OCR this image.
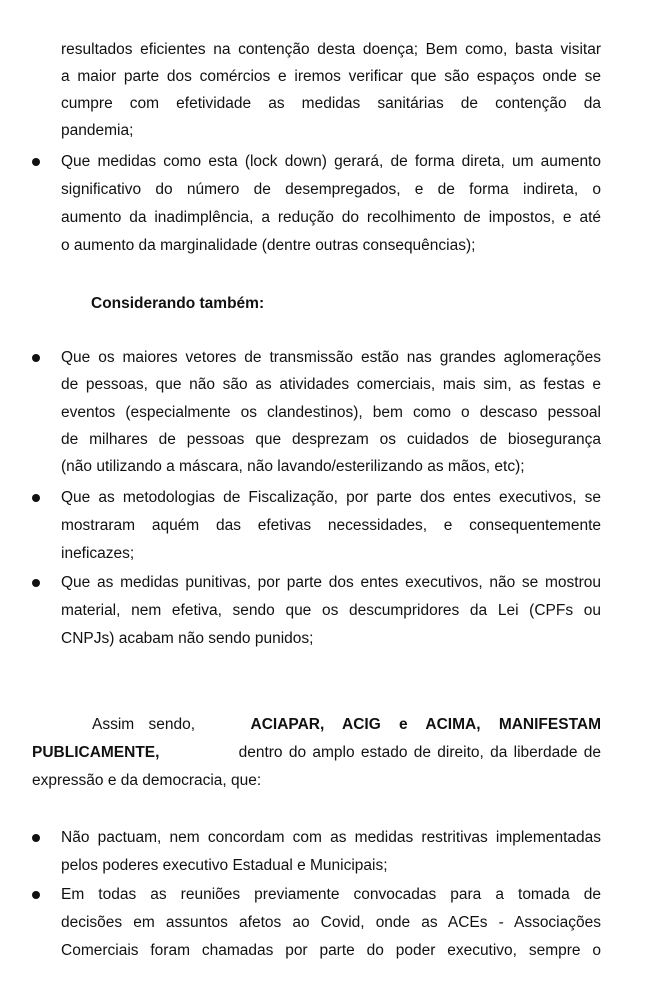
resultados eficientes na contenção desta doença; Bem como, basta visitar
a maior parte dos comércios e iremos verificar que são espaços onde se
cumpre com efetividade as medidas sanitárias de contenção da
pandemia;
Que medidas como esta (lock down) gerará, de forma direta, um aumento
significativo do número de desempregados, e de forma indireta, o
aumento da inadimplência, a redução do recolhimento de impostos, e até
o aumento da marginalidade (dentre outras consequências);
Considerando também:
Que os maiores vetores de transmissão estão nas grandes aglomerações
de pessoas, que não são as atividades comerciais, mais sim, as festas e
eventos (especialmente os clandestinos), bem como o descaso pessoal
de milhares de pessoas que desprezam os cuidados de biosegurança
(não utilizando a máscara, não lavando/esterilizando as mãos, etc);
Que as metodologias de Fiscalização, por parte dos entes executivos, se
mostraram aquém das efetivas necessidades, e consequentemente
ineficazes;
Que as medidas punitivas, por parte dos entes executivos, não se mostrou
material, nem efetiva, sendo que os descumpridores da Lei (CPFs ou
CNPJs) acabam não sendo punidos;
Assim sendo,	ACIAPAR, ACIG e ACIMA, MANIFESTAM
PUBLICAMENTE,	dentro do amplo estado de direito, da liberdade de
expressão e da democracia, que:
Não pactuam, nem concordam com as medidas restritivas implementadas
pelos poderes executivo Estadual e Municipais;
Em todas as reuniões previamente convocadas para a tomada de
decisões em assuntos afetos ao Covid, onde as ACEs - Associações
Comerciais foram chamadas por parte do poder executivo, sempre o
